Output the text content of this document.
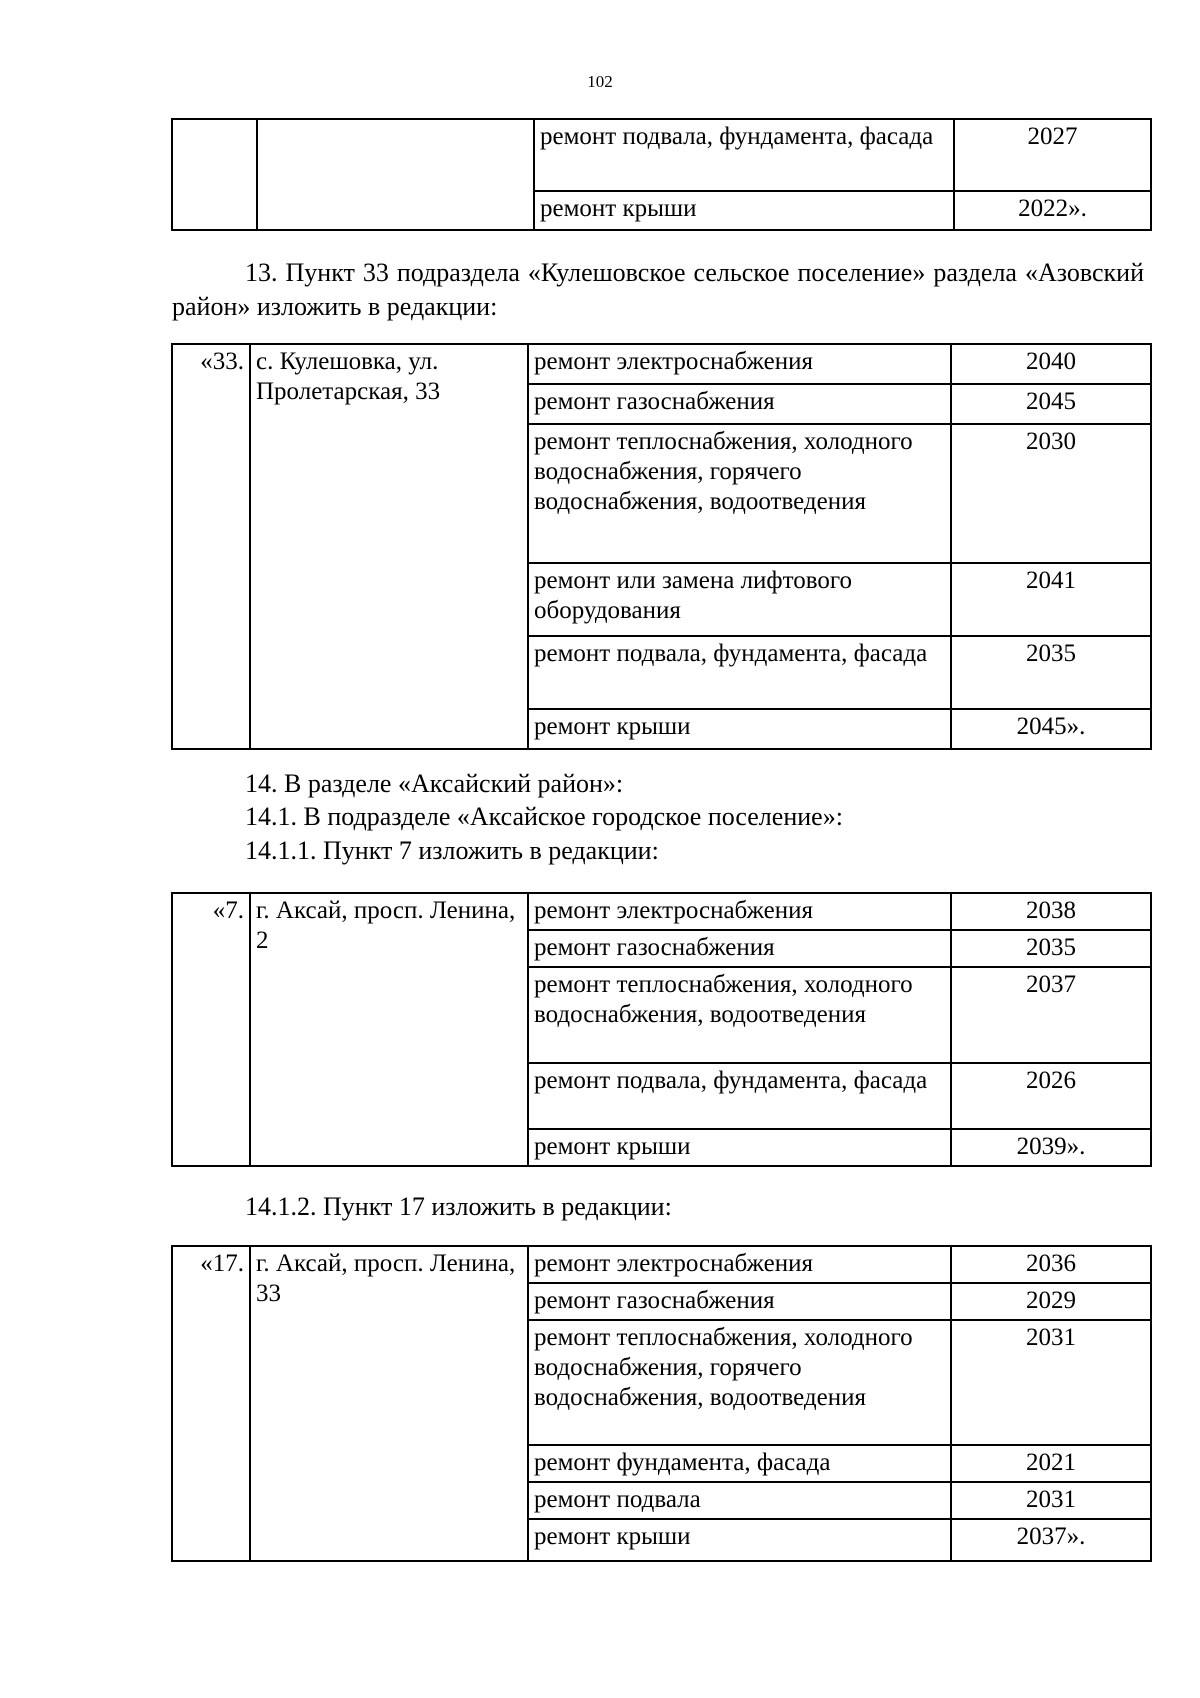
102
		ремонт подвала, фундамента, фасада	2027
		ремонт крыши	2022».
13. Пункт 33 подраздела «Кулешовское сельское поселение» раздела «Азовский район» изложить в редакции:
«33.	с. Кулешовка, ул. Пролетарская, 33	ремонт электроснабжения	2040
		ремонт газоснабжения	2045
		ремонт теплоснабжения, холодного водоснабжения, горячего водоснабжения, водоотведения	2030
		ремонт или замена лифтового оборудования	2041
		ремонт подвала, фундамента, фасада	2035
		ремонт крыши	2045».
14. В разделе «Аксайский район»:
14.1. В подразделе «Аксайское городское поселение»:
14.1.1. Пункт 7 изложить в редакции:
«7.	г. Аксай, просп. Ленина, 2	ремонт электроснабжения	2038
		ремонт газоснабжения	2035
		ремонт теплоснабжения, холодного водоснабжения, водоотведения	2037
		ремонт подвала, фундамента, фасада	2026
		ремонт крыши	2039».
14.1.2. Пункт 17 изложить в редакции:
«17.	г. Аксай, просп. Ленина, 33	ремонт электроснабжения	2036
		ремонт газоснабжения	2029
		ремонт теплоснабжения, холодного водоснабжения, горячего водоснабжения, водоотведения	2031
		ремонт фундамента, фасада	2021
		ремонт подвала	2031
		ремонт крыши	2037».
